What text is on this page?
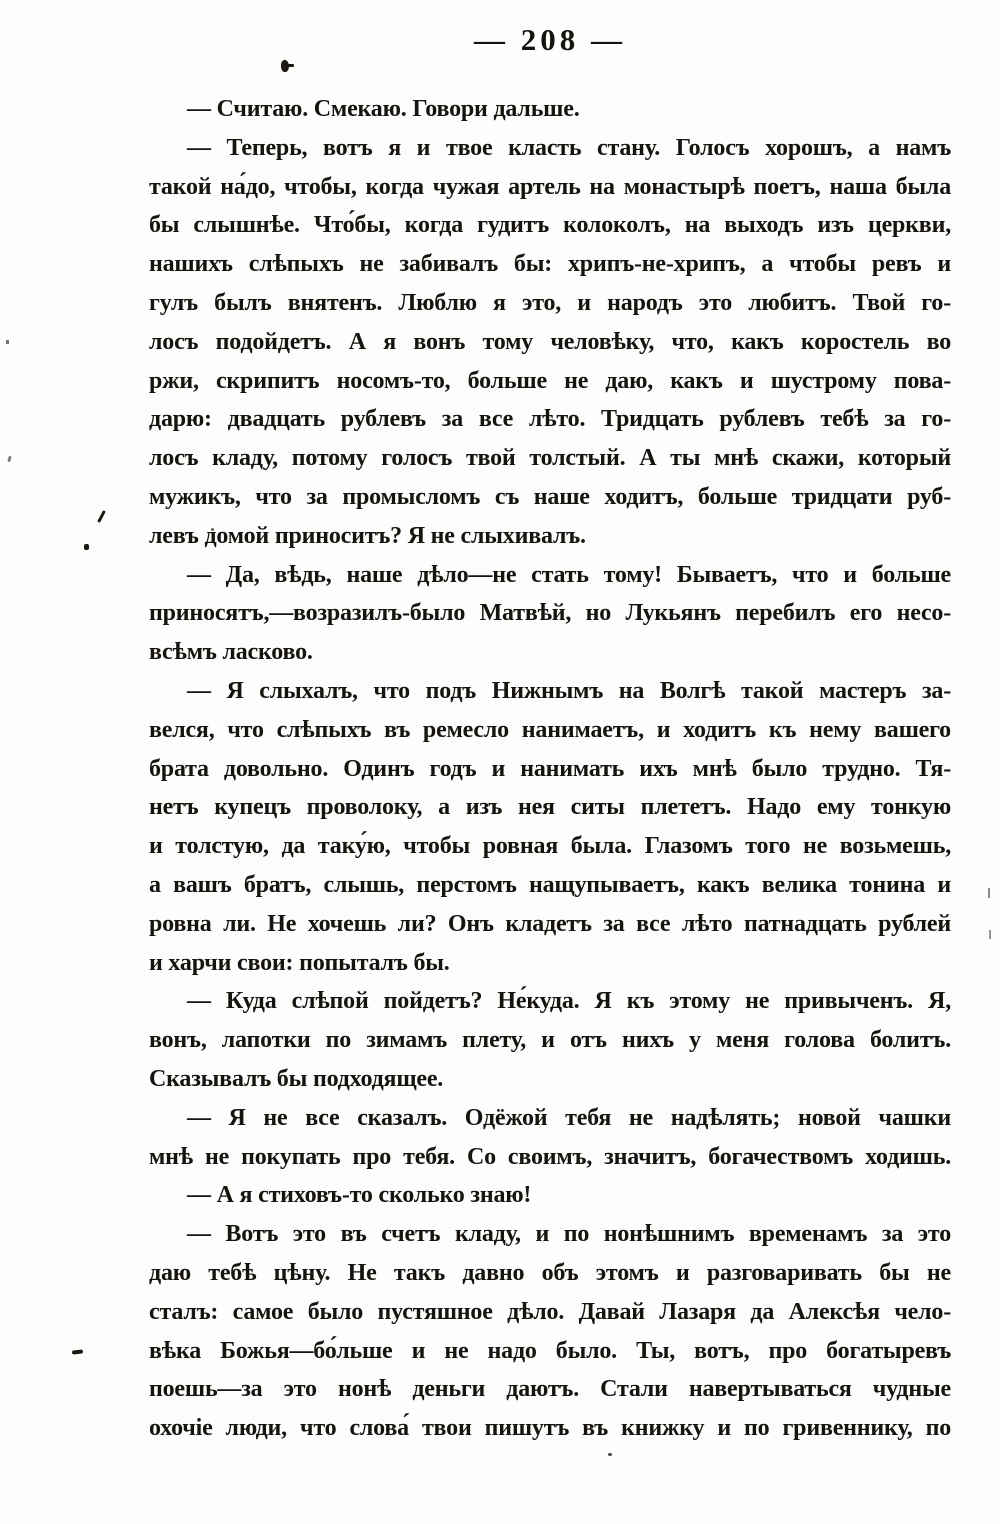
— 208 —
— Считаю. Смекаю. Говори дальше.
— Теперь, вотъ я и твое класть стану. Голосъ хорошъ, а намъ
такой на́до, чтобы, когда чужая артель на монастырѣ поетъ, наша была
бы слышнѣе. Что́бы, когда гудитъ колоколъ, на выходъ изъ церкви,
нашихъ слѣпыхъ не забивалъ бы: хрипъ-не-хрипъ, а чтобы ревъ и
гулъ былъ внятенъ. Люблю я это, и народъ это любитъ. Твой го-
лосъ подойдетъ. А я вонъ тому человѣку, что, какъ коростель во
ржи, скрипитъ носомъ-то, больше не даю, какъ и шустрому пова-
дарю: двадцать рублевъ за все лѣто. Тридцать рублевъ тебѣ за го-
лосъ кладу, потому голосъ твой толстый. А ты мнѣ скажи, который
мужикъ, что за промысломъ съ наше ходитъ, больше тридцати руб-
левъ домой приноситъ? Я не слыхивалъ.
— Да, вѣдь, наше дѣло—не стать тому! Бываетъ, что и больше
приносятъ,—возразилъ-было Матвѣй, но Лукьянъ перебилъ его несо-
всѣмъ ласково.
— Я слыхалъ, что подъ Нижнымъ на Волгѣ такой мастеръ за-
велся, что слѣпыхъ въ ремесло нанимаетъ, и ходитъ къ нему вашего
брата довольно. Одинъ годъ и нанимать ихъ мнѣ было трудно. Тя-
нетъ купецъ проволоку, а изъ нея ситы плететъ. Надо ему тонкую
и толстую, да таку́ю, чтобы ровная была. Глазомъ того не возьмешь,
а вашъ братъ, слышь, перстомъ нащупываетъ, какъ велика тонина и
ровна ли. Не хочешь ли? Онъ кладетъ за все лѣто патнадцать рублей
и харчи свои: попыталъ бы.
— Куда слѣпой пойдетъ? Не́куда. Я къ этому не привыченъ. Я,
вонъ, лапотки по зимамъ плету, и отъ нихъ у меня голова болитъ.
Сказывалъ бы подходящее.
— Я не все сказалъ. Одёжой тебя не надѣлять; новой чашки
мнѣ не покупать про тебя. Со своимъ, значитъ, богачествомъ ходишь.
— А я стиховъ-то сколько знаю!
— Вотъ это въ счетъ кладу, и по нонѣшнимъ временамъ за это
даю тебѣ цѣну. Не такъ давно объ этомъ и разговаривать бы не
сталъ: самое было пустяшное дѣло. Давай Лазаря да Алексѣя чело-
вѣка Божья—бо́льше и не надо было. Ты, вотъ, про богатыревъ
поешь—за это нонѣ деньги даютъ. Стали навертываться чудные
охочіе люди, что слова́ твои пишутъ въ книжку и по гривеннику, по
